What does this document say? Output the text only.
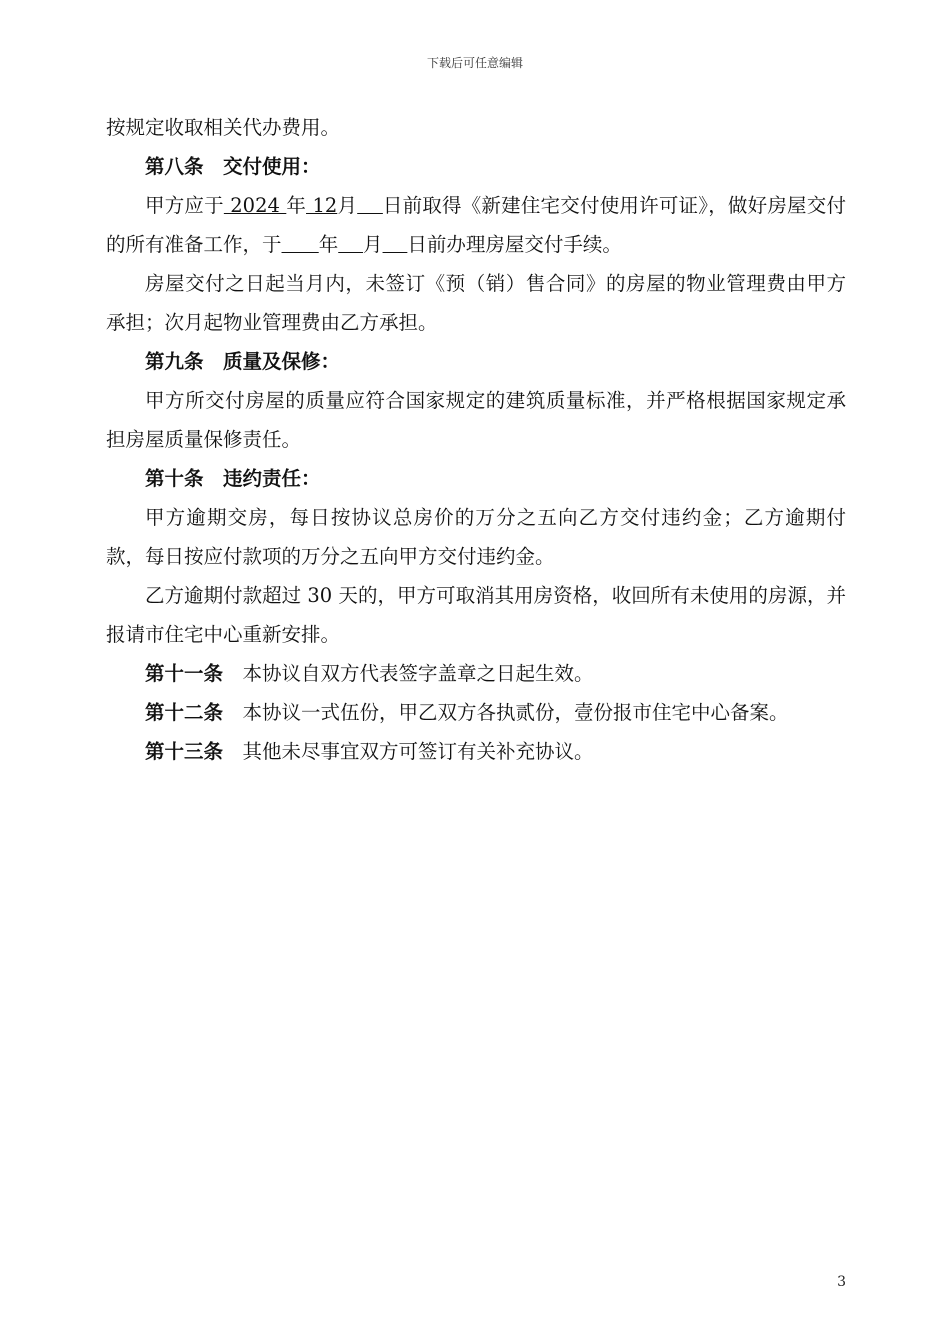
下载后可任意编辑

按规定收取相关代办费用。

第八条 交付使用：

甲方应于 2024 年 12月 日前取得《新建住宅交付使用许可证》，做好房屋交付的所有准备工作，于 年 月 日前办理房屋交付手续。

房屋交付之日起当月内，未签订《预（销）售合同》的房屋的物业管理费由甲方承担；次月起物业管理费由乙方承担。

第九条 质量及保修：

甲方所交付房屋的质量应符合国家规定的建筑质量标准，并严格根据国家规定承担房屋质量保修责任。

第十条 违约责任：

甲方逾期交房，每日按协议总房价的万分之五向乙方交付违约金；乙方逾期付款，每日按应付款项的万分之五向甲方交付违约金。

乙方逾期付款超过 30 天的，甲方可取消其用房资格，收回所有未使用的房源，并报请市住宅中心重新安排。

第十一条 本协议自双方代表签字盖章之日起生效。

第十二条 本协议一式伍份，甲乙双方各执贰份，壹份报市住宅中心备案。

第十三条 其他未尽事宜双方可签订有关补充协议。

3
